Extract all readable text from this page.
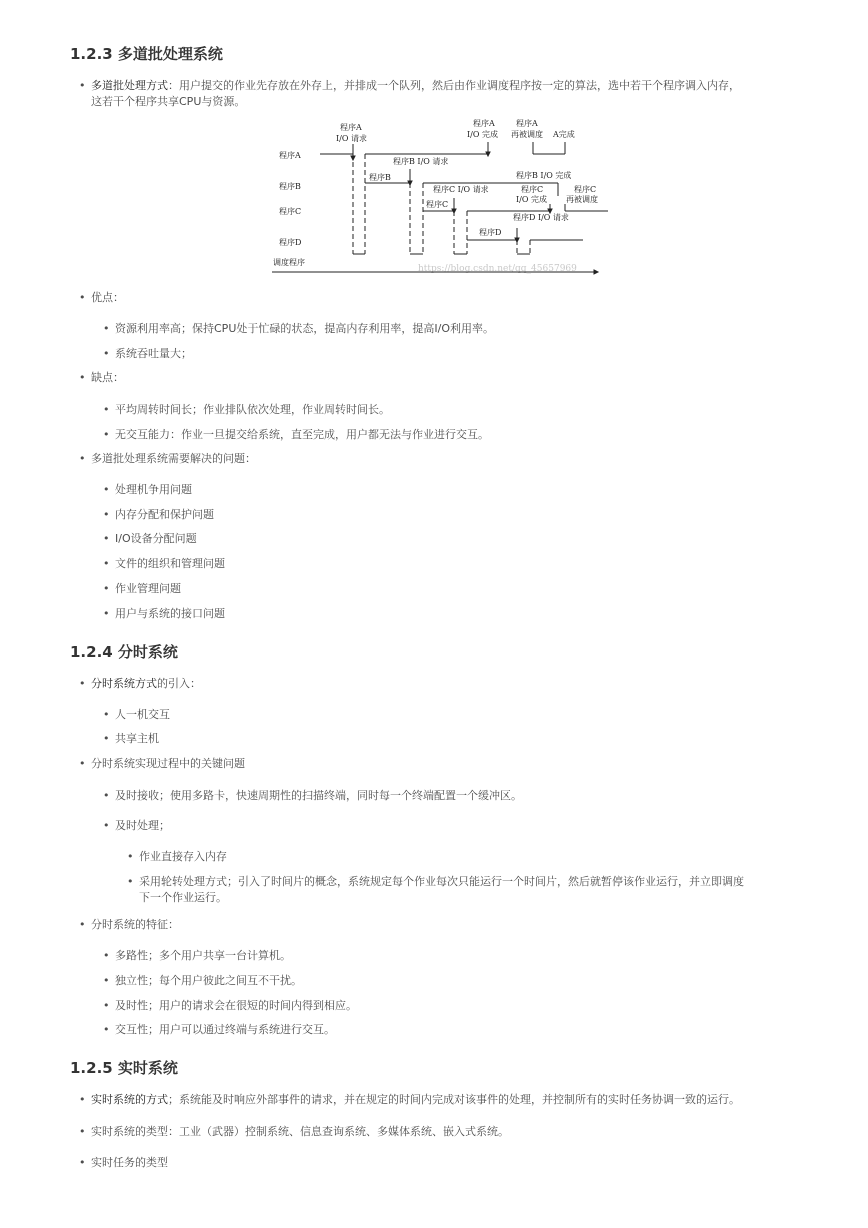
1.2.3 多道批处理系统
• 多道批处理方式：用户提交的作业先存放在外存上，并排成一个队列，然后由作业调度程序按一定的算法，选中若干个程序调入内存，
这若干个程序共享CPU与资源。
程序A
程序B
程序C
程序D
调度程序
程序A
I/O 请求
程序A
I/O 完成
程序A
再被调度 A完成
程序B I/O 请求
程序B	程序B I/O 完成
程序C I/O 请求
程序C
程序C
I/O 完成
程序C
再被调度
程序D I/O 请求
程序D
https://blog.csdn.net/qq_45657969
• 优点：
• 资源利用率高；保持CPU处于忙碌的状态，提高内存利用率，提高I/O利用率。
• 系统吞吐量大；
• 缺点：
• 平均周转时间长；作业排队依次处理，作业周转时间长。
• 无交互能力：作业一旦提交给系统，直至完成，用户都无法与作业进行交互。
• 多道批处理系统需要解决的问题：
• 处理机争用问题
• 内存分配和保护问题
• I/O设备分配问题
• 文件的组织和管理问题
• 作业管理问题
• 用户与系统的接口问题
1.2.4 分时系统
• 分时系统方式的引入：
• 人一机交互
• 共享主机
• 分时系统实现过程中的关键问题
• 及时接收；使用多路卡，快速周期性的扫描终端，同时每一个终端配置一个缓冲区。
• 及时处理；
• 作业直接存入内存
• 采用轮转处理方式；引入了时间片的概念，系统规定每个作业每次只能运行一个时间片，然后就暂停该作业运行，并立即调度
下一个作业运行。
• 分时系统的特征：
• 多路性；多个用户共享一台计算机。
• 独立性；每个用户彼此之间互不干扰。
• 及时性；用户的请求会在很短的时间内得到相应。
• 交互性；用户可以通过终端与系统进行交互。
1.2.5 实时系统
• 实时系统的方式；系统能及时响应外部事件的请求，并在规定的时间内完成对该事件的处理，并控制所有的实时任务协调一致的运行。
• 实时系统的类型：工业（武器）控制系统、信息查询系统、多媒体系统、嵌入式系统。
• 实时任务的类型
